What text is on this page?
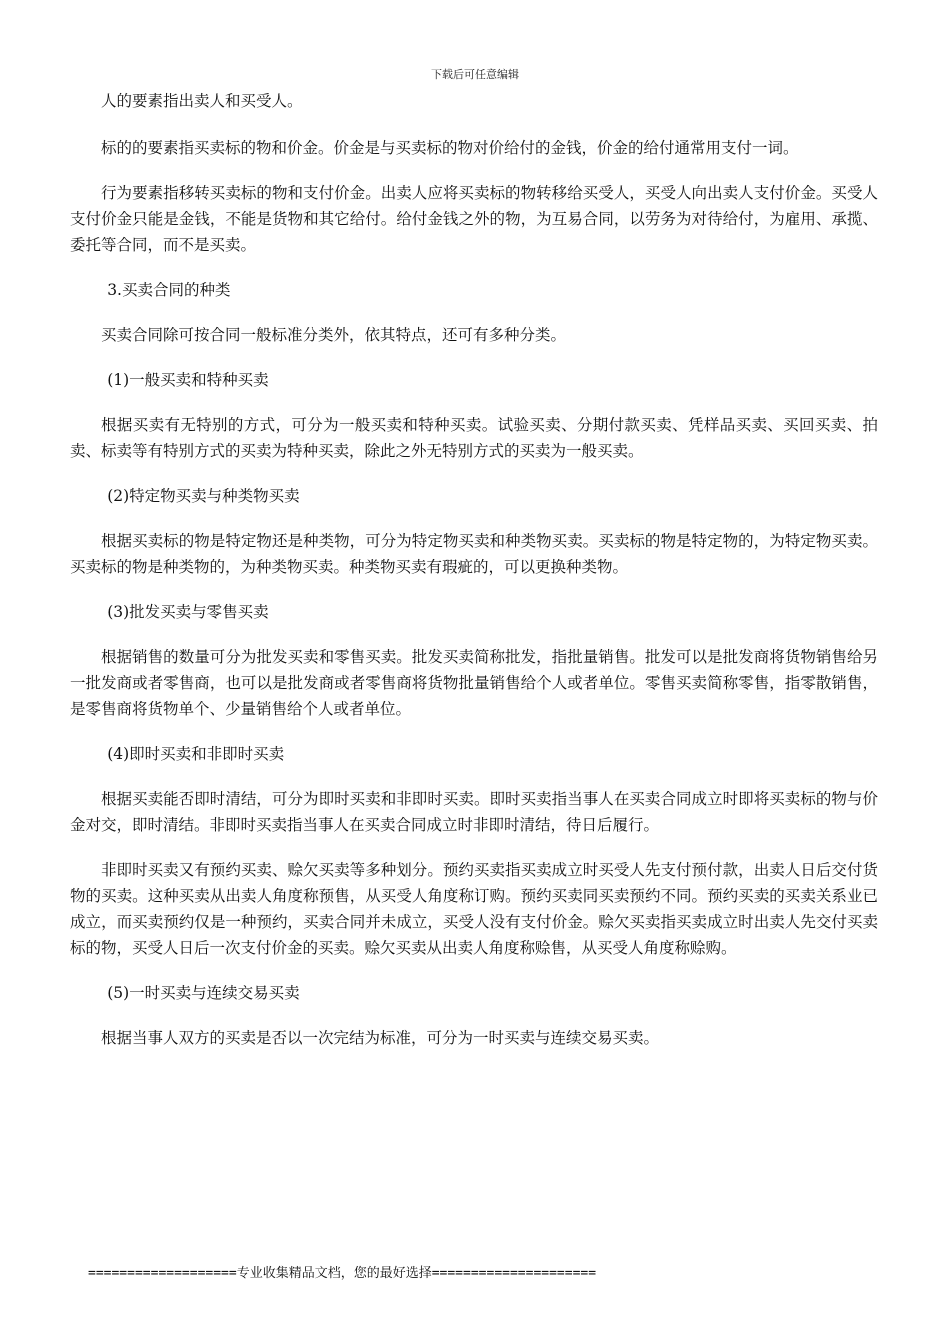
下载后可任意编辑

人的要素指出卖人和买受人。

标的的要素指买卖标的物和价金。价金是与买卖标的物对价给付的金钱，价金的给付通常用支付一词。

行为要素指移转买卖标的物和支付价金。出卖人应将买卖标的物转移给买受人，买受人向出卖人支付价金。买受人支付价金只能是金钱，不能是货物和其它给付。给付金钱之外的物，为互易合同，以劳务为对待给付，为雇用、承揽、委托等合同，而不是买卖。

3.买卖合同的种类

买卖合同除可按合同一般标准分类外，依其特点，还可有多种分类。

(1)一般买卖和特种买卖

根据买卖有无特别的方式，可分为一般买卖和特种买卖。试验买卖、分期付款买卖、凭样品买卖、买回买卖、拍卖、标卖等有特别方式的买卖为特种买卖，除此之外无特别方式的买卖为一般买卖。

(2)特定物买卖与种类物买卖

根据买卖标的物是特定物还是种类物，可分为特定物买卖和种类物买卖。买卖标的物是特定物的，为特定物买卖。买卖标的物是种类物的，为种类物买卖。种类物买卖有瑕疵的，可以更换种类物。

(3)批发买卖与零售买卖

根据销售的数量可分为批发买卖和零售买卖。批发买卖简称批发，指批量销售。批发可以是批发商将货物销售给另一批发商或者零售商，也可以是批发商或者零售商将货物批量销售给个人或者单位。零售买卖简称零售，指零散销售，是零售商将货物单个、少量销售给个人或者单位。

(4)即时买卖和非即时买卖

根据买卖能否即时清结，可分为即时买卖和非即时买卖。即时买卖指当事人在买卖合同成立时即将买卖标的物与价金对交，即时清结。非即时买卖指当事人在买卖合同成立时非即时清结，待日后履行。

非即时买卖又有预约买卖、赊欠买卖等多种划分。预约买卖指买卖成立时买受人先支付预付款，出卖人日后交付货物的买卖。这种买卖从出卖人角度称预售，从买受人角度称订购。预约买卖同买卖预约不同。预约买卖的买卖关系业已成立，而买卖预约仅是一种预约，买卖合同并未成立，买受人没有支付价金。赊欠买卖指买卖成立时出卖人先交付买卖标的物，买受人日后一次支付价金的买卖。赊欠买卖从出卖人角度称赊售，从买受人角度称赊购。

(5)一时买卖与连续交易买卖

根据当事人双方的买卖是否以一次完结为标准，可分为一时买卖与连续交易买卖。

===================专业收集精品文档，您的最好选择=====================
